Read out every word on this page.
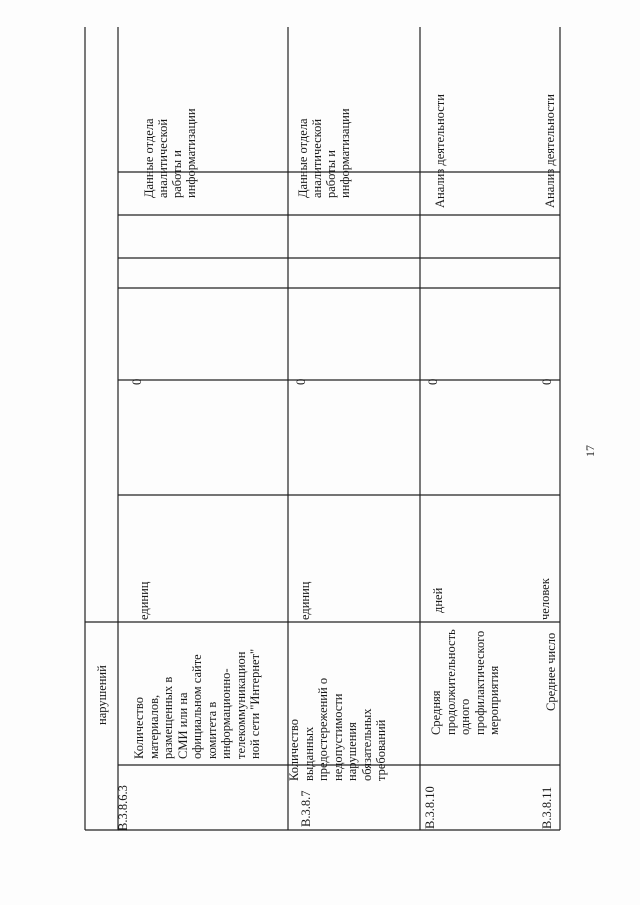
нарушений
В.3.8.6.3
Количество материалов, размещенных в СМИ или на официальном сайте комитета в информационно- телекоммуникацион ной сети "Интернет"
единиц
0
Данные отдела аналитической работы и информатизации
В.3.8.7
Количество выданных предостережений о недопустимости нарушения обязательных требований
единиц
0
Данные отдела аналитической работы и информатизации
В.3.8.10
Средняя продолжительность одного профилактического мероприятия
дней
0
Анализ деятельности
В.3.8.11
Среднее число
человек
0
Анализ деятельности
17
